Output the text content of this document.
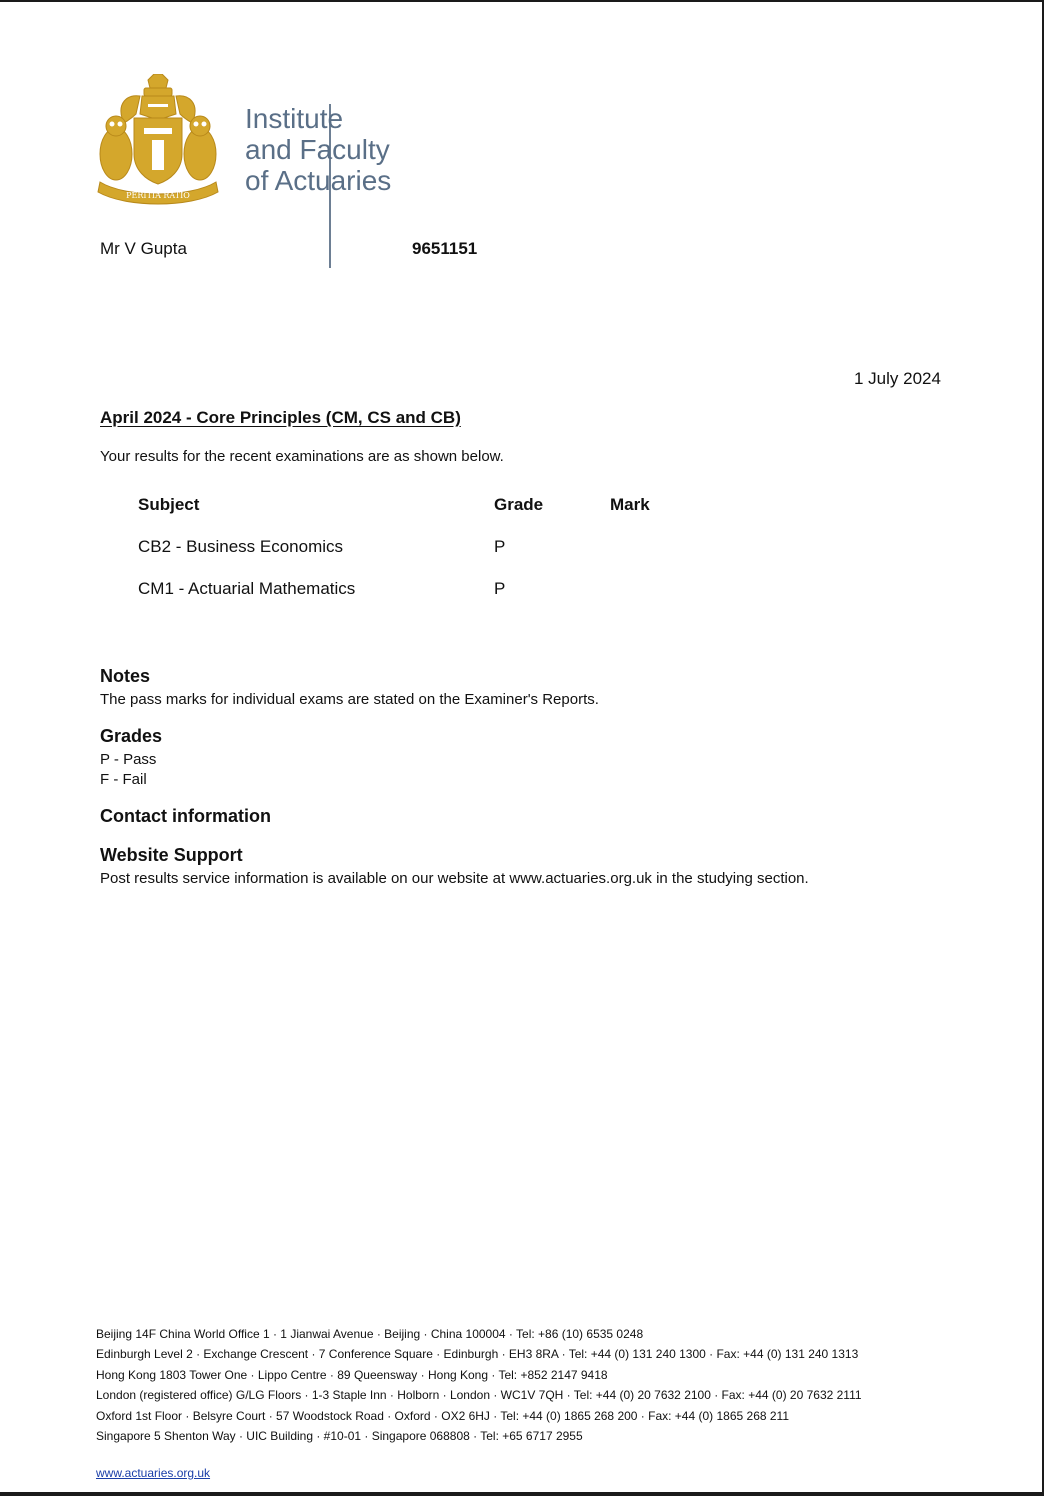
PERITIA RATIO
Institute
and Faculty
of Actuaries
Mr V Gupta	9651151
1 July 2024
April 2024 - Core Principles (CM, CS and CB)
Your results for the recent examinations are as shown below.
Subject	Grade	Mark
CB2 - Business Economics	P
CM1 - Actuarial Mathematics	P
Notes
The pass marks for individual exams are stated on the Examiner's Reports.
Grades
P - Pass
F - Fail
Contact information
Website Support
Post results service information is available on our website at www.actuaries.org.uk in the studying section.
Beijing 14F China World Office 1 · 1 Jianwai Avenue · Beijing · China 100004 · Tel: +86 (10) 6535 0248
Edinburgh Level 2 · Exchange Crescent · 7 Conference Square · Edinburgh · EH3 8RA · Tel: +44 (0) 131 240 1300 · Fax: +44 (0) 131 240 1313
Hong Kong 1803 Tower One · Lippo Centre · 89 Queensway · Hong Kong · Tel: +852 2147 9418
London (registered office) G/LG Floors · 1-3 Staple Inn · Holborn · London · WC1V 7QH · Tel: +44 (0) 20 7632 2100 · Fax: +44 (0) 20 7632 2111
Oxford 1st Floor · Belsyre Court · 57 Woodstock Road · Oxford · OX2 6HJ · Tel: +44 (0) 1865 268 200 · Fax: +44 (0) 1865 268 211
Singapore 5 Shenton Way · UIC Building · #10-01 · Singapore 068808 · Tel: +65 6717 2955
www.actuaries.org.uk
